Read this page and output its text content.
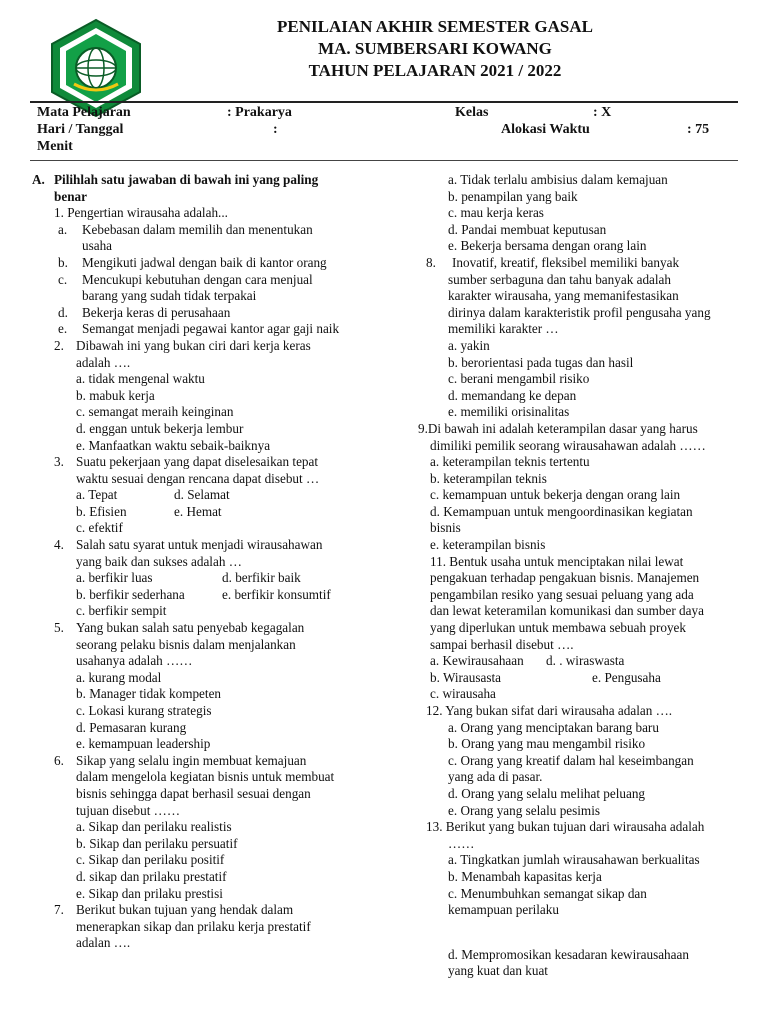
PENILAIAN AKHIR SEMESTER GASAL
MA. SUMBERSARI KOWANG
TAHUN PELAJARAN 2021 / 2022
Mata Pelajaran	: Prakarya	Kelas	: X
Hari / Tanggal	:	Alokasi Waktu	: 75
Menit
A. Pilihlah satu jawaban di bawah ini yang paling
benar
1. Pengertian wirausaha adalah...
a. Kebebasan dalam memilih dan menentukan
usaha
b. Mengikuti jadwal dengan baik di kantor orang
c. Mencukupi kebutuhan dengan cara menjual
barang yang sudah tidak terpakai
d. Bekerja keras di perusahaan
e. Semangat menjadi pegawai kantor agar gaji naik
2. Dibawah ini yang bukan ciri dari kerja keras
adalah ….
a. tidak mengenal waktu
b. mabuk kerja
c. semangat meraih keinginan
d. enggan untuk bekerja lembur
e. Manfaatkan waktu sebaik-baiknya
3. Suatu pekerjaan yang dapat diselesaikan tepat
waktu sesuai dengan rencana dapat disebut …
a. Tepat	d. Selamat
b. Efisien	e. Hemat
c. efektif
4. Salah satu syarat untuk menjadi wirausahawan
yang baik dan sukses adalah …
a. berfikir luas	d. berfikir baik
b. berfikir sederhana	e. berfikir konsumtif
c. berfikir sempit
5. Yang bukan salah satu penyebab kegagalan
seorang pelaku bisnis dalam menjalankan
usahanya adalah ……
a. kurang modal
b. Manager tidak kompeten
c. Lokasi kurang strategis
d. Pemasaran kurang
e. kemampuan leadership
6. Sikap yang selalu ingin membuat kemajuan
dalam mengelola kegiatan bisnis untuk membuat
bisnis sehingga dapat berhasil sesuai dengan
tujuan disebut ……
a. Sikap dan perilaku realistis
b. Sikap dan perilaku persuatif
c. Sikap dan perilaku positif
d. sikap dan prilaku prestatif
e. Sikap dan prilaku prestisi
7. Berikut bukan tujuan yang hendak dalam
menerapkan sikap dan prilaku kerja prestatif
adalan ….
a. Tidak terlalu ambisius dalam kemajuan
b. penampilan yang baik
c. mau kerja keras
d. Pandai membuat keputusan
e. Bekerja bersama dengan orang lain
8. Inovatif, kreatif, fleksibel memiliki banyak
sumber serbaguna dan tahu banyak adalah
karakter wirausaha, yang memanifestasikan
dirinya dalam karakteristik profil pengusaha yang
memiliki karakter …
a. yakin
b. berorientasi pada tugas dan hasil
c. berani mengambil risiko
d. memandang ke depan
e. memiliki orisinalitas
9.Di bawah ini adalah keterampilan dasar yang harus
dimiliki pemilik seorang wirausahawan adalah ……
a. keterampilan teknis tertentu
b. keterampilan teknis
c. kemampuan untuk bekerja dengan orang lain
d. Kemampuan untuk mengoordinasikan kegiatan
bisnis
e. keterampilan bisnis
11. Bentuk usaha untuk menciptakan nilai lewat
pengakuan terhadap pengakuan bisnis. Manajemen
pengambilan resiko yang sesuai peluang yang ada
dan lewat keteramilan komunikasi dan sumber daya
yang diperlukan untuk membawa sebuah proyek
sampai berhasil disebut ….
a. Kewirausahaan d. . wiraswasta
b. Wirausasta	e. Pengusaha
c. wirausaha
12. Yang bukan sifat dari wirausaha adalan ….
a. Orang yang menciptakan barang baru
b. Orang yang mau mengambil risiko
c. Orang yang kreatif dalam hal keseimbangan
yang ada di pasar.
d. Orang yang selalu melihat peluang
e. Orang yang selalu pesimis
13. Berikut yang bukan tujuan dari wirausaha adalah
……
a. Tingkatkan jumlah wirausahawan berkualitas
b. Menambah kapasitas kerja
c. Menumbuhkan semangat sikap dan
kemampuan perilaku
d. Mempromosikan kesadaran kewirausahaan
yang kuat dan kuat
